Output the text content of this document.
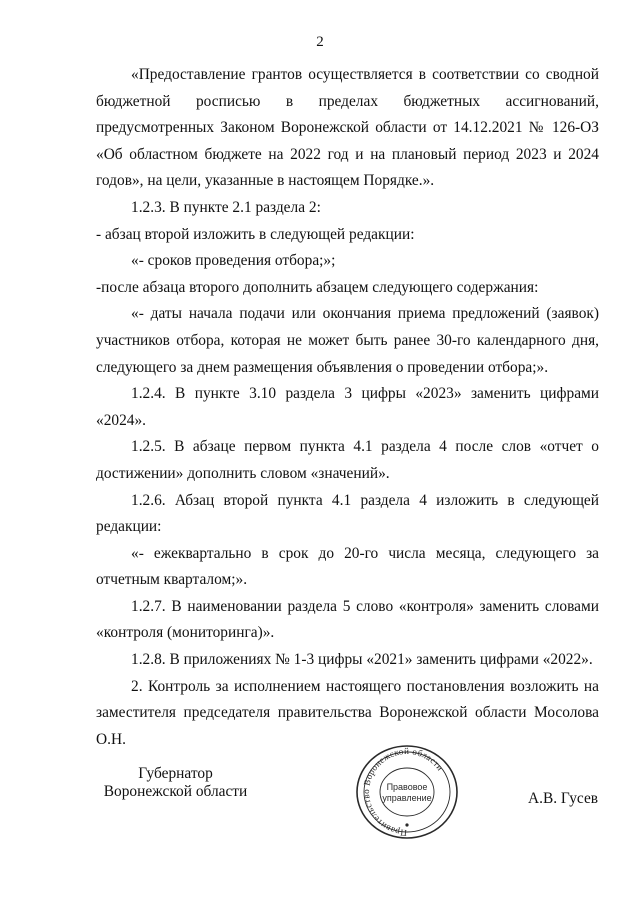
2

«Предоставление грантов осуществляется в соответствии со сводной бюджетной росписью в пределах бюджетных ассигнований, предусмотренных Законом Воронежской области от 14.12.2021 № 126-ОЗ «Об областном бюджете на 2022 год и на плановый период 2023 и 2024 годов», на цели, указанные в настоящем Порядке.».

1.2.3. В пункте 2.1 раздела 2:

- абзац второй изложить в следующей редакции:

«- сроков проведения отбора;»;

-после абзаца второго дополнить абзацем следующего содержания:

«- даты начала подачи или окончания приема предложений (заявок) участников отбора, которая не может быть ранее 30-го календарного дня, следующего за днем размещения объявления о проведении отбора;».

1.2.4. В пункте 3.10 раздела 3 цифры «2023» заменить цифрами «2024».

1.2.5. В абзаце первом пункта 4.1 раздела 4 после слов «отчет о достижении» дополнить словом «значений».

1.2.6. Абзац второй пункта 4.1 раздела 4 изложить в следующей редакции:

«- ежеквартально в срок до 20-го числа месяца, следующего за отчетным кварталом;».

1.2.7. В наименовании раздела 5 слово «контроля» заменить словами «контроля (мониторинга)».

1.2.8. В приложениях № 1-3 цифры «2021» заменить цифрами «2022».

2. Контроль за исполнением настоящего постановления возложить на заместителя председателя правительства Воронежской области Мосолова О.Н.

Губернатор
Воронежской области
Правительство Воронежской области
Правовое
управление	А.В. Гусев
